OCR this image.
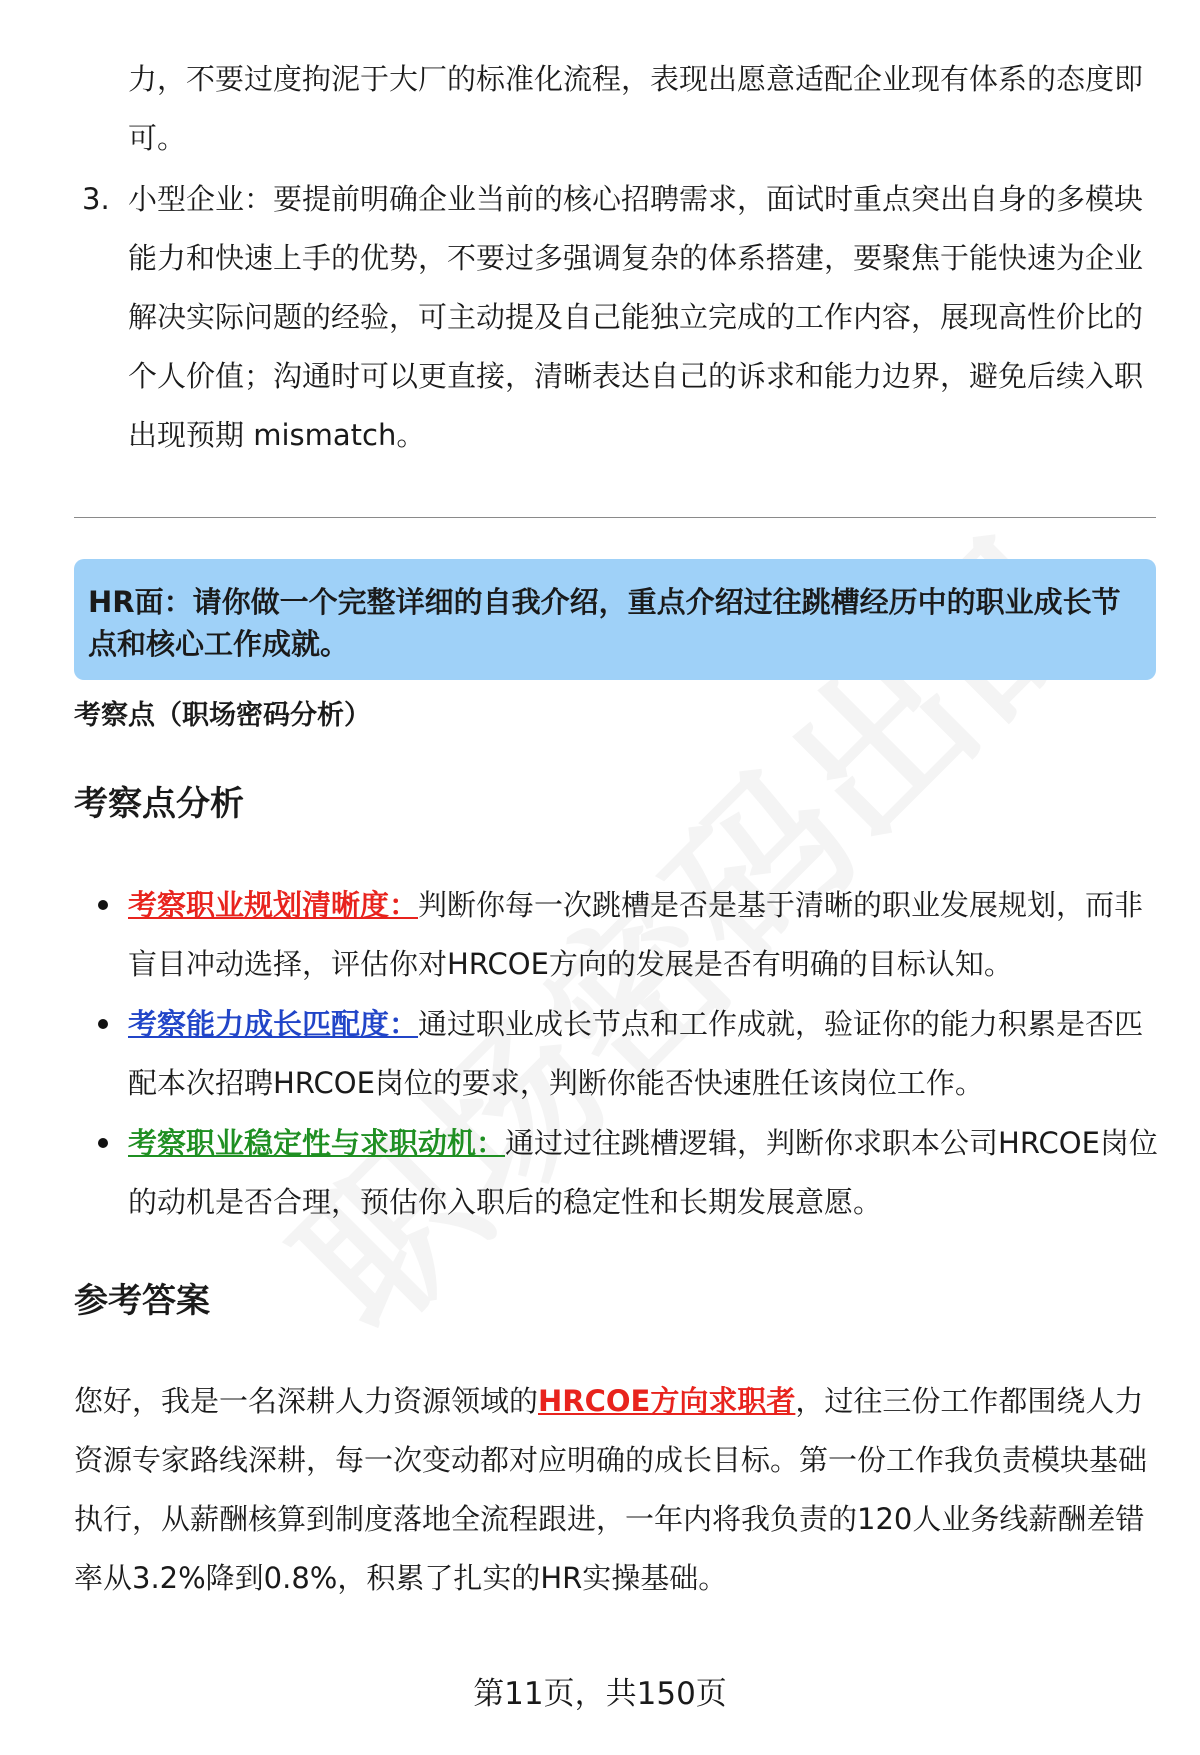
力，不要过度拘泥于大厂的标准化流程，表现出愿意适配企业现有体系的态度即可。
3. 小型企业：要提前明确企业当前的核心招聘需求，面试时重点突出自身的多模块能力和快速上手的优势，不要过多强调复杂的体系搭建，要聚焦于能快速为企业解决实际问题的经验，可主动提及自己能独立完成的工作内容，展现高性价比的个人价值；沟通时可以更直接，清晰表达自己的诉求和能力边界，避免后续入职出现预期 mismatch。
HR面：请你做一个完整详细的自我介绍，重点介绍过往跳槽经历中的职业成长节点和核心工作成就。
考察点（职场密码分析）
考察点分析
考察职业规划清晰度：判断你每一次跳槽是否是基于清晰的职业发展规划，而非盲目冲动选择，评估你对HRCOE方向的发展是否有明确的目标认知。
考察能力成长匹配度：通过职业成长节点和工作成就，验证你的能力积累是否匹配本次招聘HRCOE岗位的要求，判断你能否快速胜任该岗位工作。
考察职业稳定性与求职动机：通过过往跳槽逻辑，判断你求职本公司HRCOE岗位的动机是否合理，预估你入职后的稳定性和长期发展意愿。
参考答案
您好，我是一名深耕人力资源领域的HRCOE方向求职者，过往三份工作都围绕人力资源专家路线深耕，每一次变动都对应明确的成长目标。第一份工作我负责模块基础执行，从薪酬核算到制度落地全流程跟进，一年内将我负责的120人业务线薪酬差错率从3.2%降到0.8%，积累了扎实的HR实操基础。
第11页，共150页
